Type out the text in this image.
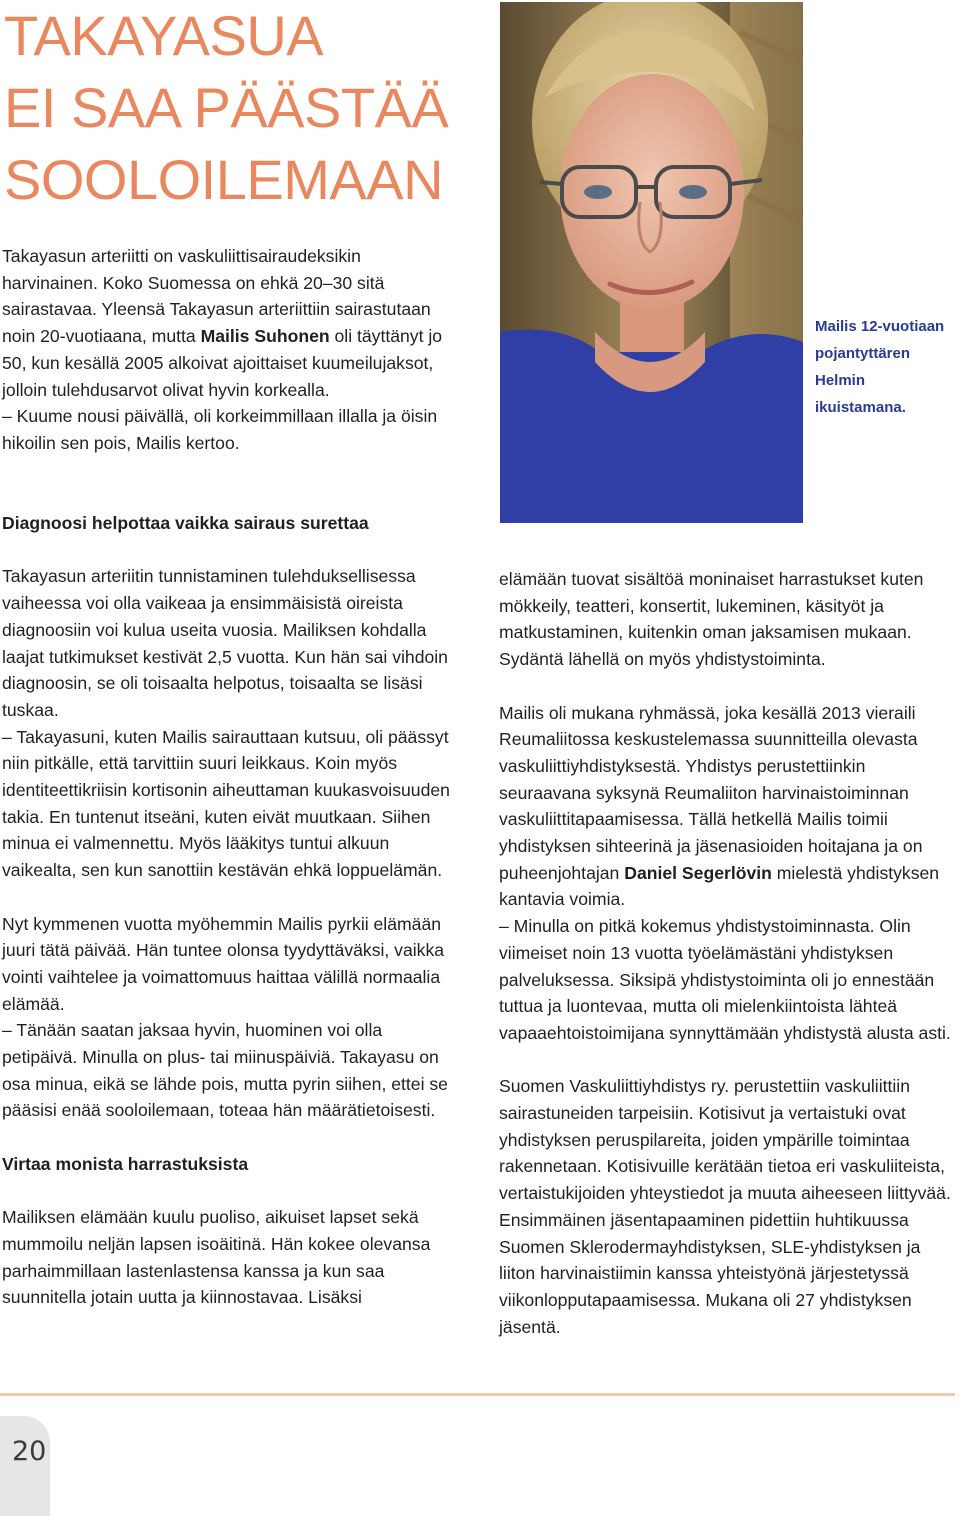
TAKAYASUA
EI SAA PÄÄSTÄÄ
SOOLOILEMAAN

Takayasun arteriitti on vaskuliittisairaudeksikin harvinainen. Koko Suomessa on ehkä 20–30 sitä sairastavaa. Yleensä Takayasun arteriittiin sairastutaan noin 20-vuotiaana, mutta Mailis Suhonen oli täyttänyt jo 50, kun kesällä 2005 alkoivat ajoittaiset kuumeilujaksot, jolloin tulehdusarvot olivat hyvin korkealla.

– Kuume nousi päivällä, oli korkeimmillaan illalla ja öisin hikoilin sen pois, Mailis kertoo.

Mailis 12-vuotiaan pojantyttären Helmin ikuistamana.
Diagnoosi helpottaa vaikka sairaus surettaa

Takayasun arteriitin tunnistaminen tulehduksellisessa vaiheessa voi olla vaikeaa ja ensimmäisistä oireista diagnoosiin voi kulua useita vuosia. Mailiksen kohdalla laajat tutkimukset kestivät 2,5 vuotta. Kun hän sai vihdoin diagnoosin, se oli toisaalta helpotus, toisaalta se lisäsi tuskaa.

– Takayasuni, kuten Mailis sairauttaan kutsuu, oli päässyt niin pitkälle, että tarvittiin suuri leikkaus. Koin myös identiteettikriisin kortisonin aiheuttaman kuukasvoisuuden takia. En tuntenut itseäni, kuten eivät muutkaan. Siihen minua ei valmennettu. Myös lääkitys tuntui alkuun vaikealta, sen kun sanottiin kestävän ehkä loppuelämän.

Nyt kymmenen vuotta myöhemmin Mailis pyrkii elämään juuri tätä päivää. Hän tuntee olonsa tyydyttäväksi, vaikka vointi vaihtelee ja voimattomuus haittaa välillä normaalia elämää.

– Tänään saatan jaksaa hyvin, huominen voi olla petipäivä. Minulla on plus- tai miinuspäiviä. Takayasu on osa minua, eikä se lähde pois, mutta pyrin siihen, ettei se pääsisi enää sooloilemaan, toteaa hän määrätietoisesti.

Virtaa monista harrastuksista

Mailiksen elämään kuulu puoliso, aikuiset lapset sekä mummoilu neljän lapsen isoäitinä. Hän kokee olevansa parhaimmillaan lastenlastensa kanssa ja kun saa suunnitella jotain uutta ja kiinnostavaa. Lisäksi

elämään tuovat sisältöä moninaiset harrastukset kuten mökkeily, teatteri, konsertit, lukeminen, käsityöt ja matkustaminen, kuitenkin oman jaksamisen mukaan. Sydäntä lähellä on myös yhdistystoiminta.

Mailis oli mukana ryhmässä, joka kesällä 2013 vieraili Reumaliitossa keskustelemassa suunnitteilla olevasta vaskuliittiyhdistyksestä. Yhdistys perustettiinkin seuraavana syksynä Reumaliiton harvinaistoiminnan vaskuliittitapaamisessa. Tällä hetkellä Mailis toimii yhdistyksen sihteerinä ja jäsenasioiden hoitajana ja on puheenjohtajan Daniel Segerlövin mielestä yhdistyksen kantavia voimia.

– Minulla on pitkä kokemus yhdistystoiminnasta. Olin viimeiset noin 13 vuotta työelämästäni yhdistyksen palveluksessa. Siksipä yhdistystoiminta oli jo ennestään tuttua ja luontevaa, mutta oli mielenkiintoista lähteä vapaaehtoistoimijana synnyttämään yhdistystä alusta asti.

Suomen Vaskuliittiyhdistys ry. perustettiin vaskuliittiin sairastuneiden tarpeisiin. Kotisivut ja vertaistuki ovat yhdistyksen peruspilareita, joiden ympärille toimintaa rakennetaan. Kotisivuille kerätään tietoa eri vaskuliiteista, vertaistukijoiden yhteystiedot ja muuta aiheeseen liittyvää. Ensimmäinen jäsentapaaminen pidettiin huhtikuussa Suomen Sklerodermayhdistyksen, SLE-yhdistyksen ja liiton harvinaistiimin kanssa yhteistyönä järjestetyssä viikonlopputapaamisessa. Mukana oli 27 yhdistyksen jäsentä.

20
